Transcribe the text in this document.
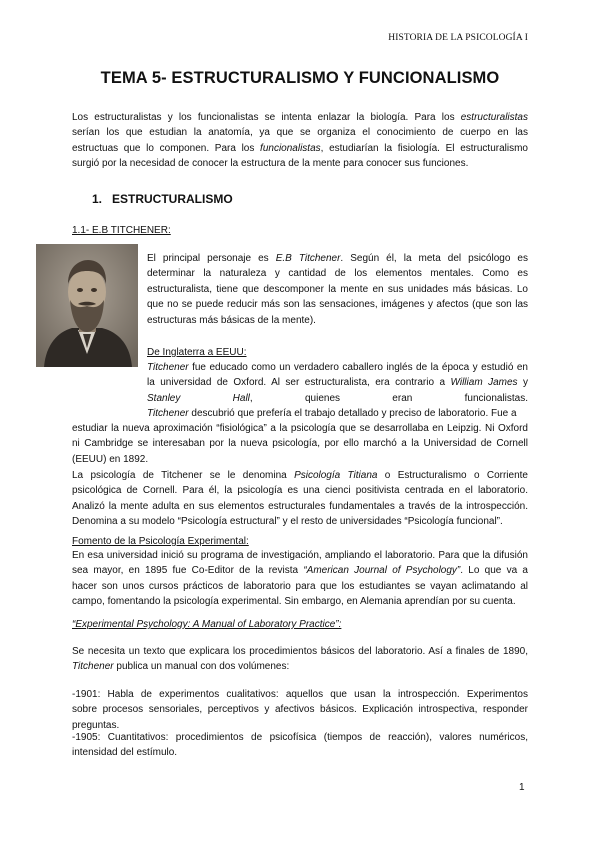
HISTORIA DE LA PSICOLOGÍA I
TEMA 5- ESTRUCTURALISMO Y FUNCIONALISMO

Los estructuralistas y los funcionalistas se intenta enlazar la biología. Para los estructuralistas
serían los que estudian la anatomía, ya que se organiza el conocimiento de cuerpo en las
estructuas que lo componen. Para los funcionalistas, estudiarían la fisiología. El estructuralismo
surgió por la necesidad de conocer la estructura de la mente para conocer sus funciones.

1. ESTRUCTURALISMO

1.1- E.B TITCHENER:

El principal personaje es E.B Titchener. Según él, la meta del psicólogo es
determinar la naturaleza y cantidad de los elementos mentales. Como es
estructuralista, tiene que descomponer la mente en sus unidades más básicas. Lo
que no se puede reducir más son las sensaciones, imágenes y afectos (que son las
estructuras más básicas de la mente).

De Inglaterra a EEUU:

Titchener fue educado como un verdadero caballero inglés de la época y estudió en
la universidad de Oxford. Al ser estructuralista, era contrario a William James y
Stanley Hall, quienes eran funcionalistas.
Titchener descubrió que prefería el trabajo detallado y preciso de laboratorio. Fue a

estudiar la nueva aproximación “fisiológica” a la psicología que se desarrollaba en Leipzig. Ni Oxford
ni Cambridge se interesaban por la nueva psicología, por ello marchó a la Universidad de Cornell
(EEUU) en 1892.

La psicología de Titchener se le denomina Psicología Titiana o Estructuralismo o Corriente
psicológica de Cornell. Para él, la psicología es una cienci positivista centrada en el laboratorio.
Analizó la mente adulta en sus elementos estructurales fundamentales a través de la introspección.
Denomina a su modelo “Psicología estructural” y el resto de universidades “Psicología funcional”.

Fomento de la Psicología Experimental:

En esa universidad inició su programa de investigación, ampliando el laboratorio. Para que la difusión
sea mayor, en 1895 fue Co-Editor de la revista “American Journal of Psychology”. Lo que va a
hacer son unos cursos prácticos de laboratorio para que los estudiantes se vayan aclimatando al
campo, fomentando la psicología experimental. Sin embargo, en Alemania aprendían por su cuenta.

“Experimental Psychology: A Manual of Laboratory Practice”:

Se necesita un texto que explicara los procedimientos básicos del laboratorio. Así a finales de 1890,
Titchener publica un manual con dos volúmenes:

-1901: Habla de experimentos cualitativos: aquellos que usan la introspección. Experimentos
sobre procesos sensoriales, perceptivos y afectivos básicos. Explicación introspectiva, responder
preguntas.

-1905: Cuantitativos: procedimientos de psicofísica (tiempos de reacción), valores numéricos,
intensidad del estímulo.

1
